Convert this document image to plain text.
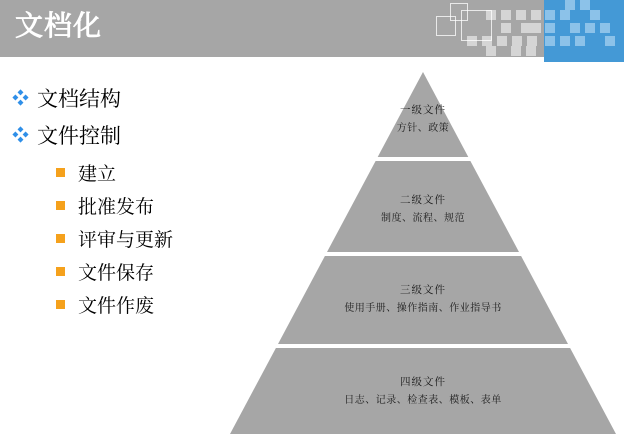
文档化
文档结构
文件控制
建立
批准发布
评审与更新
文件保存
文件作废
一级文件
方针、政策
二级文件
制度、流程、规范
三级文件
使用手册、操作指南、作业指导书
四级文件
日志、记录、检查表、模板、表单
